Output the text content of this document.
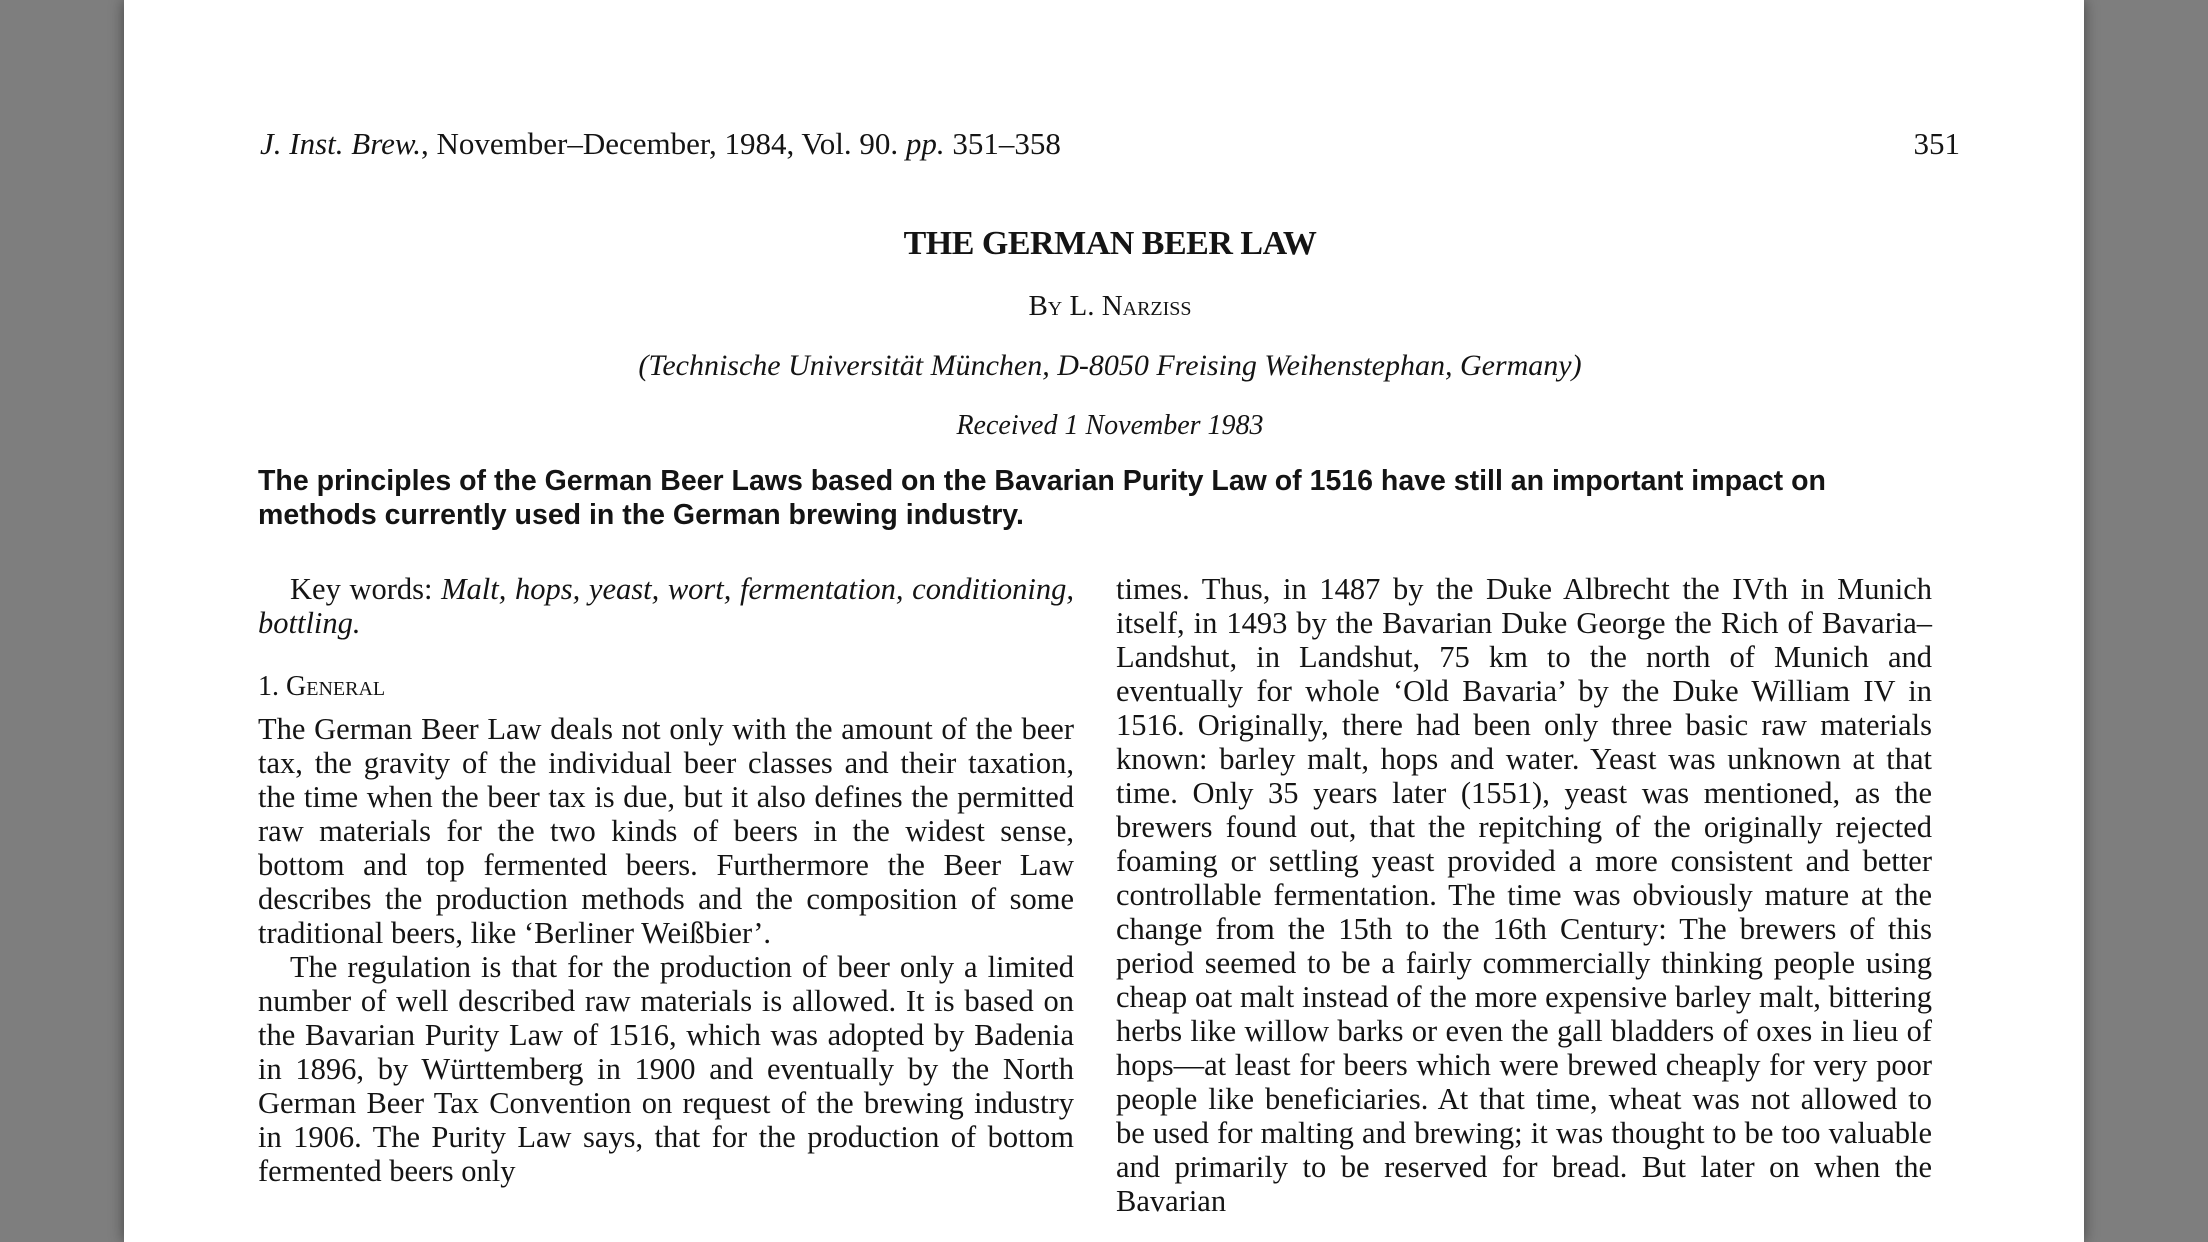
J. Inst. Brew., November–December, 1984, Vol. 90. pp. 351–358	351
THE GERMAN BEER LAW
By L. Narziss
(Technische Universität München, D-8050 Freising Weihenstephan, Germany)
Received 1 November 1983
The principles of the German Beer Laws based on the Bavarian Purity Law of 1516 have still an important impact on methods currently used in the German brewing industry.

Key words: Malt, hops, yeast, wort, fermentation, conditioning, bottling.

1. General

The German Beer Law deals not only with the amount of the beer tax, the gravity of the individual beer classes and their taxation, the time when the beer tax is due, but it also defines the permitted raw materials for the two kinds of beers in the widest sense, bottom and top fermented beers. Furthermore the Beer Law describes the production methods and the composition of some traditional beers, like ‘Berliner Weißbier’.

The regulation is that for the production of beer only a limited number of well described raw materials is allowed. It is based on the Bavarian Purity Law of 1516, which was adopted by Badenia in 1896, by Württemberg in 1900 and eventually by the North German Beer Tax Convention on request of the brewing industry in 1906. The Purity Law says, that for the production of bottom fermented beers only

times. Thus, in 1487 by the Duke Albrecht the IVth in Munich itself, in 1493 by the Bavarian Duke George the Rich of Bavaria–Landshut, in Landshut, 75 km to the north of Munich and eventually for whole ‘Old Bavaria’ by the Duke William IV in 1516. Originally, there had been only three basic raw materials known: barley malt, hops and water. Yeast was unknown at that time. Only 35 years later (1551), yeast was mentioned, as the brewers found out, that the repitching of the originally rejected foaming or settling yeast provided a more consistent and better controllable fermentation. The time was obviously mature at the change from the 15th to the 16th Century: The brewers of this period seemed to be a fairly commercially thinking people using cheap oat malt instead of the more expensive barley malt, bittering herbs like willow barks or even the gall bladders of oxes in lieu of hops—at least for beers which were brewed cheaply for very poor people like beneficiaries. At that time, wheat was not allowed to be used for malting and brewing; it was thought to be too valuable and primarily to be reserved for bread. But later on when the Bavarian
